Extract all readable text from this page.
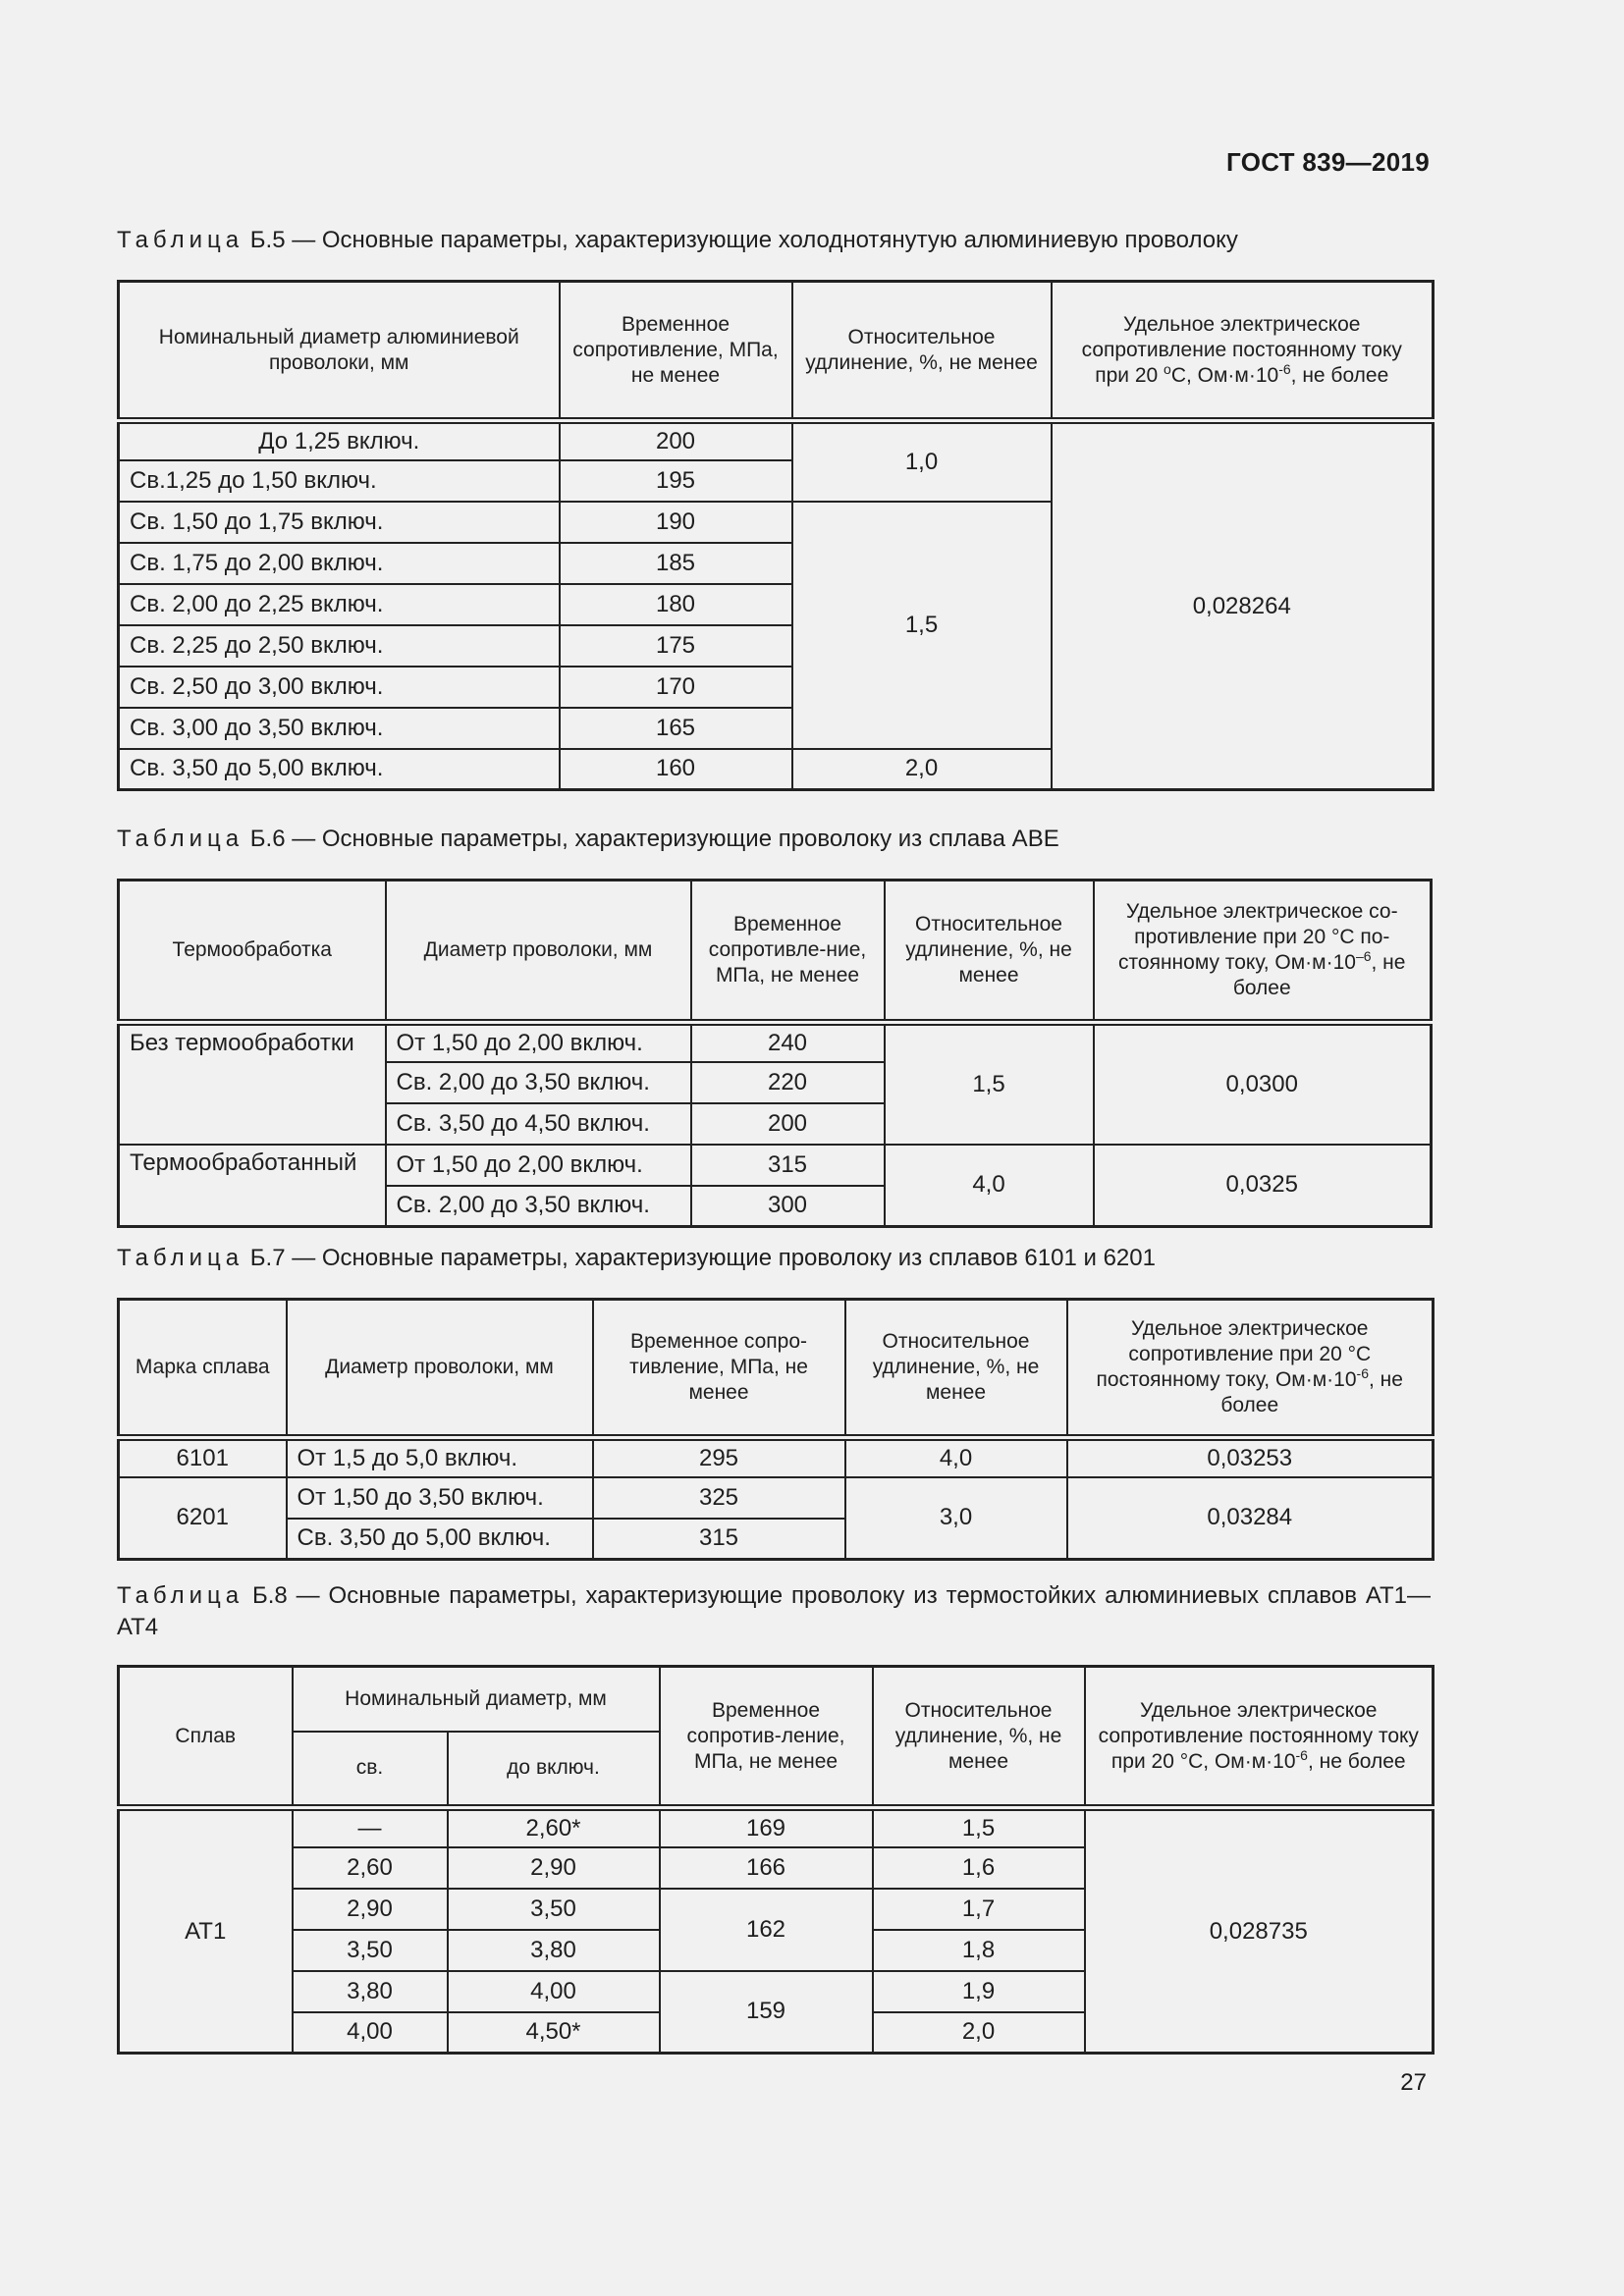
ГОСТ 839—2019
Таблица Б.5 — Основные параметры, характеризующие холоднотянутую алюминиевую проволоку
Номинальный диаметр алюминиевой проволоки, мм	Временное сопротивление, МПа, не менее	Относительное удлинение, %, не менее	Удельное электрическое сопротивление постоянному току при 20 $^о$С, $Ом\cdot м\cdot 10^{-6}$, не более
До 1,25 включ.	200	1,0	0,028264
Св.1,25 до 1,50 включ.	195		
Св. 1,50 до 1,75 включ.	190	1,5	
Св. 1,75 до 2,00 включ.	185		
Св. 2,00 до 2,25 включ.	180		
Св. 2,25 до 2,50 включ.	175		
Св. 2,50 до 3,00 включ.	170		
Св. 3,00 до 3,50 включ.	165		
Св. 3,50 до 5,00 включ.	160	2,0	
Таблица Б.6 — Основные параметры, характеризующие проволоку из сплава АВЕ
Термообработка	Диаметр проволоки, мм	Временное сопротивле-ние, МПа, не менее	Относительное удлинение, %, не менее	Удельное электрическое со-противление при 20 °С по-стоянному току, $Ом\cdot м\cdot 10^{-6}$, не более
Без термообработки	От 1,50 до 2,00 включ.	240	1,5	0,0300
	Св. 2,00 до 3,50 включ.	220		
	Св. 3,50 до 4,50 включ.	200		
Термообработанный	От 1,50 до 2,00 включ.	315	4,0	0,0325
	Св. 2,00 до 3,50 включ.	300		
Таблица Б.7 — Основные параметры, характеризующие проволоку из сплавов 6101 и 6201
Марка сплава	Диаметр проволоки, мм	Временное сопро-тивление, МПа, не менее	Относительное удлинение, %, не менее	Удельное электрическое сопротивление при 20 °С постоянному току, $Ом\cdot м\cdot 10^{-6}$, не более
6101	От 1,5 до 5,0 включ.	295	4,0	0,03253
6201	От 1,50 до 3,50 включ.	325	3,0	0,03284
	Св. 3,50 до 5,00 включ.	315		
Таблица Б.8 — Основные параметры, характеризующие проволоку из термостойких алюминиевых сплавов АТ1—АТ4
Сплав	Номинальный диаметр, мм		Временное сопротив-ление, МПа, не менее	Относительное удлинение, %, не менее	Удельное электрическое сопротивление постоянному току при 20 °С, $Ом\cdot м\cdot 10^{-6}$, не более
	св.	до включ.			
АТ1	—	2,60*	169	1,5	0,028735
	2,60	2,90	166	1,6	
	2,90	3,50	162	1,7	
	3,50	3,80		1,8	
	3,80	4,00	159	1,9	
	4,00	4,50*		2,0	
27
